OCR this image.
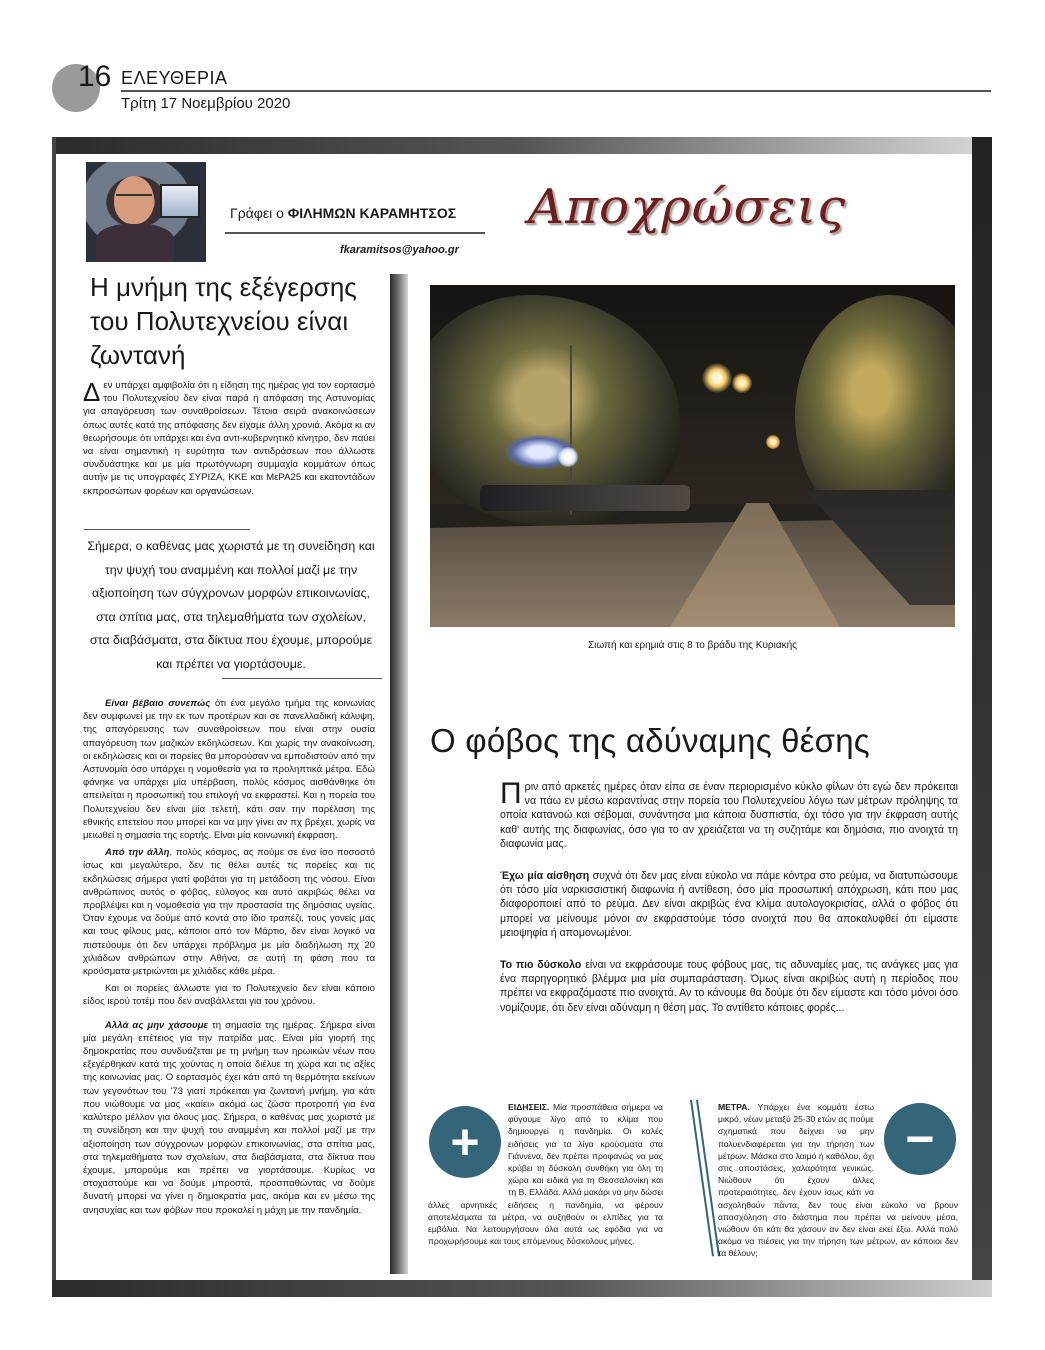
16 ΕΛΕΥΘΕΡΙΑ
Τρίτη 17 Νοεμβρίου 2020
Γράφει ο ΦΙΛΗΜΩΝ ΚΑΡΑΜΗΤΣΟΣ
fkaramitsos@yahoo.gr
Αποχρώσεις
Η μνήμη της εξέγερσης του Πολυτεχνείου είναι ζωντανή
Δεν υπάρχει αμφιβολία ότι η είδηση της ημέρας για τον εορτασμό του Πολυτεχνείου δεν είναι παρά η απόφαση της Αστυνομίας για απαγόρευση των συναθροίσεων. Τέτοια σειρά ανακοινώσεων όπως αυτές κατά της απόφασης δεν είχαμε άλλη χρονιά. Ακόμα κι αν θεωρήσουμε ότι υπάρχει και ένα αντι-κυβερνητικό κίνητρο, δεν παύει να είναι σημαντική η ευρύτητα των αντιδράσεων που άλλωστε συνδυάστηκε και με μία πρωτόγνωρη συμμαχία κομμάτων όπως αυτήν με τις υπογραφές ΣΥΡΙΖΑ, ΚΚΕ και ΜεΡΑ25 και εκατοντάδων εκπροσώπων φορέων και οργανώσεων.
Σήμερα, ο καθένας μας χωριστά με τη συνείδηση και την ψυχή του αναμμένη και πολλοί μαζί με την αξιοποίηση των σύγχρονων μορφών επικοινωνίας, στα σπίτια μας, στα τηλεμαθήματα των σχολείων, στα διαβάσματα, στα δίκτυα που έχουμε, μπορούμε και πρέπει να γιορτάσουμε.

Είναι βέβαιο συνεπώς ότι ένα μεγάλο τμήμα της κοινωνίας δεν συμφωνεί με την εκ των προτέρων και σε πανελλαδική κάλυψη, της απαγόρευσης των συναθροίσεων που είναι στην ουσία απαγόρευση των μαζικών εκδηλώσεων. Και χωρίς την ανακοίνωση, οι εκδηλώσεις και οι πορείες θα μπορούσαν να εμποδιστούν από την Αστυνομία όσο υπάρχει η νομοθεσία για τα προληπτικά μέτρα. Εδώ φάνηκε να υπάρχει μία υπέρβαση, πολύς κόσμος αισθάνθηκε ότι απειλείται η προσωπική του επιλογή να εκφραστεί. Και η πορεία του Πολυτεχνείου δεν είναι μία τελετή, κάτι σαν την παρέλαση της εθνικής επετείου που μπορεί και να μην γίνει αν πχ βρέχει, χωρίς να μειωθεί η σημασία της εορτής. Είναι μία κοινωνική έκφραση.

Από την άλλη, πολύς κόσμος, ας πούμε σε ένα ίσο ποσοστό ίσως και μεγαλύτερο, δεν τις θέλει αυτές τις πορείες και τις εκδηλώσεις σήμερα γιατί φοβάται για τη μετάδοση της νόσου. Είναι ανθρώπινος αυτός ο φόβος, εύλογος και αυτό ακριβώς θέλει να προβλέψει και η νομοθεσία για την προστασία της δημόσιας υγείας. Όταν έχουμε να δούμε από κοντά στο ίδιο τραπέζι, τους γονείς μας και τους φίλους μας, κάποιοι από τον Μάρτιο, δεν είναι λογικό να πιστεύουμε ότι δεν υπάρχει πρόβλημα με μία διαδήλωση πχ 20 χιλιάδων ανθρώπων στην Αθήνα, σε αυτή τη φάση που τα κρούσματα μετριώνται με χιλιάδες κάθε μέρα.

Και οι πορείες άλλωστε για το Πολυτεχνείο δεν είναι κάποιο είδος ιερού τοτέμ που δεν αναβάλλεται για του χρόνου.

Αλλά ας μην χάσουμε τη σημασία της ημέρας. Σήμερα είναι μία μεγάλη επέτειος για την πατρίδα μας. Είναι μία γιορτή της δημοκρατίας που συνδυάζεται με τη μνήμη των ηρωικών νέων που εξεγέρθηκαν κατά της χούντας η οποία διέλυε τη χώρα και τις αξίες της κοινωνίας μας. Ο εορτασμός έχει κάτι από τη θερμότητα εκείνων των γεγονότων του '73 γιατί πρόκειται για ζωντανή μνήμη, για κάτι που νιώθουμε να μας «καίει» ακόμα ως ζώσα προτροπή για ένα καλύτερο μέλλον για όλους μας. Σήμερα, ο καθένας μας χωριστά με τη συνείδηση και την ψυχή του αναμμένη και πολλοί μαζί με την αξιοποίηση των σύγχρονων μορφών επικοινωνίας, στα σπίτια μας, στα τηλεμαθήματα των σχολείων, στα διαβάσματα, στα δίκτυα που έχουμε, μπορούμε και πρέπει να γιορτάσουμε. Κυρίως να στοχαστούμε και να δούμε μπροστά, προσπαθώντας να δούμε δυνατή μπορεί να γίνει η δημοκρατία μας, ακόμα και εν μέσω της ανησυχίας και των φόβων που προκαλεί η μάχη με την πανδημία.

Σιωπή και ερημιά στις 8 το βράδυ της Κυριακής
Ο φόβος της αδύναμης θέσης

Πριν από αρκετές ημέρες όταν είπα σε έναν περιορισμένο κύκλο φίλων ότι εγώ δεν πρόκειται να πάω εν μέσω καραντίνας στην πορεία του Πολυτεχνείου λόγω των μέτρων πρόληψης τα οποία κατανοώ και σέβομαι, συνάντησα μια κάποια δυσπιστία, όχι τόσο για την έκφραση αυτής καθ' αυτής της διαφωνίας, όσο για το αν χρειάζεται να τη συζητάμε και δημόσια, πιο ανοιχτά τη διαφωνία μας.

Έχω μία αίσθηση συχνά ότι δεν μας είναι εύκολο να πάμε κόντρα στο ρεύμα, να διατυπώσουμε ότι τόσο μία ναρκισσιστική διαφωνία ή αντίθεση, όσο μία προσωπική απόχρωση, κάτι που μας διαφοροποιεί από το ρεύμα. Δεν είναι ακριβώς ένα κλίμα αυτολογοκρισίας, αλλά ο φόβος ότι μπορεί να μείνουμε μόνοι αν εκφραστούμε τόσο ανοιχτά που θα αποκαλυφθεί ότι είμαστε μειοψηφία ή απομονωμένοι.

Το πιο δύσκολο είναι να εκφράσουμε τους φόβους μας, τις αδυναμίες μας, τις ανάγκες μας για ένα παρηγορητικό βλέμμα μια μία συμπαράσταση. Όμως είναι ακριβώς αυτή η περίοδος που πρέπει να εκφραζόμαστε πιο ανοιχτά. Αν το κάνουμε θα δούμε ότι δεν είμαστε και τόσο μόνοι όσο νομίζουμε, ότι δεν είναι αδύναμη η θέση μας. Το αντίθετο κάποιες φορές...

ΕΙΔΗΣΕΙΣ. Μία προσπάθεια σήμερα να φύγουμε λίγο από το κλίμα που δημιουργεί η πανδημία. Οι καλές ειδήσεις για τα λίγα κρούσματα στα Γιάννενα, δεν πρέπει προφανώς να μας κρύβει τη δύσκολη συνθήκη για όλη τη χώρα και ειδικά για τη Θεσσαλονίκη και τη Β. Ελλάδα. Αλλά μακάρι να μην δώσει άλλες αρνητικές ειδήσεις η πανδημία, να φέρουν αποτελέσματα τα μέτρα, να αυξηθούν οι ελπίδες για τα εμβόλια. Να λειτουργήσουν όλα αυτά ως εφόδια για να προχωρήσουμε και τους επόμενους δύσκολους μήνες.
+
ΜΕΤΡΑ. Υπάρχει ένα κομμάτι έστω μικρό, νέων μεταξύ 25-30 ετών ας πούμε σχηματικά που δείχνει να μην πολυενδιαφέρεται για την τήρηση των μέτρων. Μάσκα στο λαιμό ή καθόλου, όχι στις αποστάσεις, χαλαρότητα γενικώς. Νιώθουν ότι έχουν άλλες προτεραιότητες, δεν έχουν ίσως κάτι να ασχοληθούν πάντα, δεν τους είναι εύκολο να βρουν απασχόληση στο διάστημα που πρέπει να μείνουν μέσα, νιώθουν ότι κάτι θα χάσουν αν δεν είναι εκεί έξω. Αλλά πολύ ακόμα να πιέσεις για την τήρηση των μέτρων, αν κάποιοι δεν τα θέλουν;
−
